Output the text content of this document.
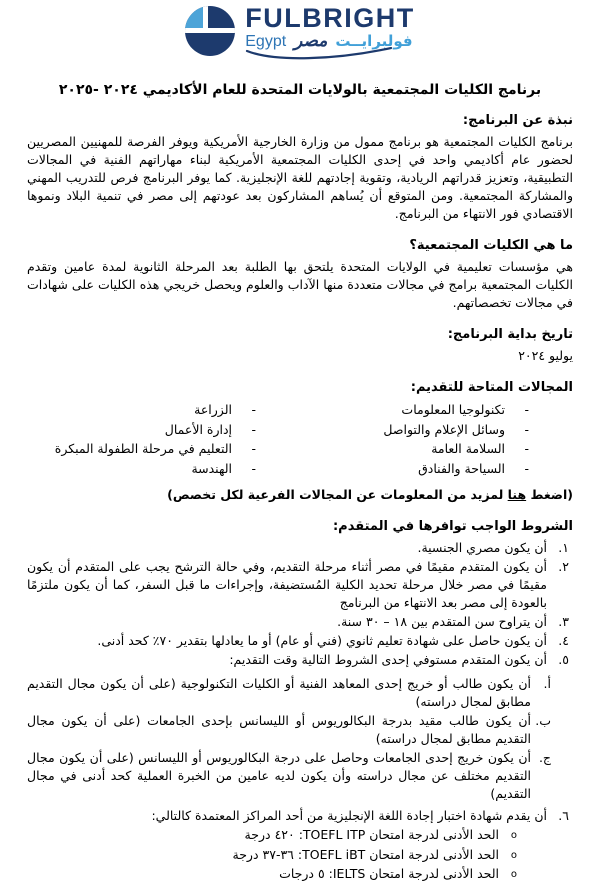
FULBRIGHT
Egypt مصر فولبرايــت
برنامج الكليات المجتمعية بالولايات المتحدة للعام الأكاديمي ٢٠٢٤ -٢٠٢٥
نبذة عن البرنامج:

برنامج الكليات المجتمعية هو برنامج ممول من وزارة الخارجية الأمريكية ويوفر الفرصة للمهنيين المصريين لحضور عام أكاديمي واحد في إحدى الكليات المجتمعية الأمريكية لبناء مهاراتهم الفنية في المجالات التطبيقية، وتعزيز قدراتهم الريادية، وتقوية إجادتهم للغة الإنجليزية. كما يوفر البرنامج فرص للتدريب المهني والمشاركة المجتمعية. ومن المتوقع أن يُساهم المشاركون بعد عودتهم إلى مصر في تنمية البلاد ونموها الاقتصادي فور الانتهاء من البرنامج.

ما هي الكليات المجتمعية؟

هي مؤسسات تعليمية في الولايات المتحدة يلتحق بها الطلبة بعد المرحلة الثانوية لمدة عامين وتقدم الكليات المجتمعية برامج في مجالات متعددة منها الآداب والعلوم ويحصل خريجي هذه الكليات على شهادات في مجالات تخصصاتهم.

تاريخ بداية البرنامج:

يوليو ٢٠٢٤

المجالات المتاحة للتقديم:
-
تكنولوجيا المعلومات
-
وسائل الإعلام والتواصل
-
السلامة العامة
-
السياحة والفنادق
-
الزراعة
-
إدارة الأعمال
-
التعليم في مرحلة الطفولة المبكرة
-
الهندسة

(اضغط هنا لمزيد من المعلومات عن المجالات الفرعية لكل تخصص)

الشروط الواجب توافرها في المتقدم:
١.
أن يكون مصري الجنسية.
٢.
أن يكون المتقدم مقيمًا في مصر أثناء مرحلة التقديم، وفي حالة الترشح يجب على المتقدم أن يكون مقيمًا في مصر خلال مرحلة تحديد الكلية المُستضيفة، وإجراءات ما قبل السفر، كما أن يكون ملتزمًا بالعودة إلى مصر بعد الانتهاء من البرنامج
٣.
أن يتراوح سن المتقدم بين ١٨ – ٣٠ سنة.
٤.
أن يكون حاصل على شهادة تعليم ثانوي (فني أو عام) أو ما يعادلها بتقدير ٧٠٪ كحد أدنى.
٥.
أن يكون المتقدم مستوفي إحدى الشروط التالية وقت التقديم:
أ.
أن يكون طالب أو خريج إحدى المعاهد الفنية أو الكليات التكنولوجية (على أن يكون مجال التقديم مطابق لمجال دراسته)
ب.
أن يكون طالب مقيد بدرجة البكالوريوس أو الليسانس بإحدى الجامعات (على أن يكون مجال التقديم مطابق لمجال دراسته)
ج.
أن يكون خريج إحدى الجامعات وحاصل على درجة البكالوريوس أو الليسانس (على أن يكون مجال التقديم مختلف عن مجال دراسته وأن يكون لديه عامين من الخبرة العملية كحد أدنى في مجال التقديم)
٦.
أن يقدم شهادة اختبار إجادة اللغة الإنجليزية من أحد المراكز المعتمدة كالتالي:
o
الحد الأدنى لدرجة امتحان TOEFL ITP: ٤٢٠ درجة
o
الحد الأدنى لدرجة امتحان TOEFL iBT: ٣٦-٣٧ درجة
o
الحد الأدنى لدرجة امتحان IELTS: ٥ درجات
